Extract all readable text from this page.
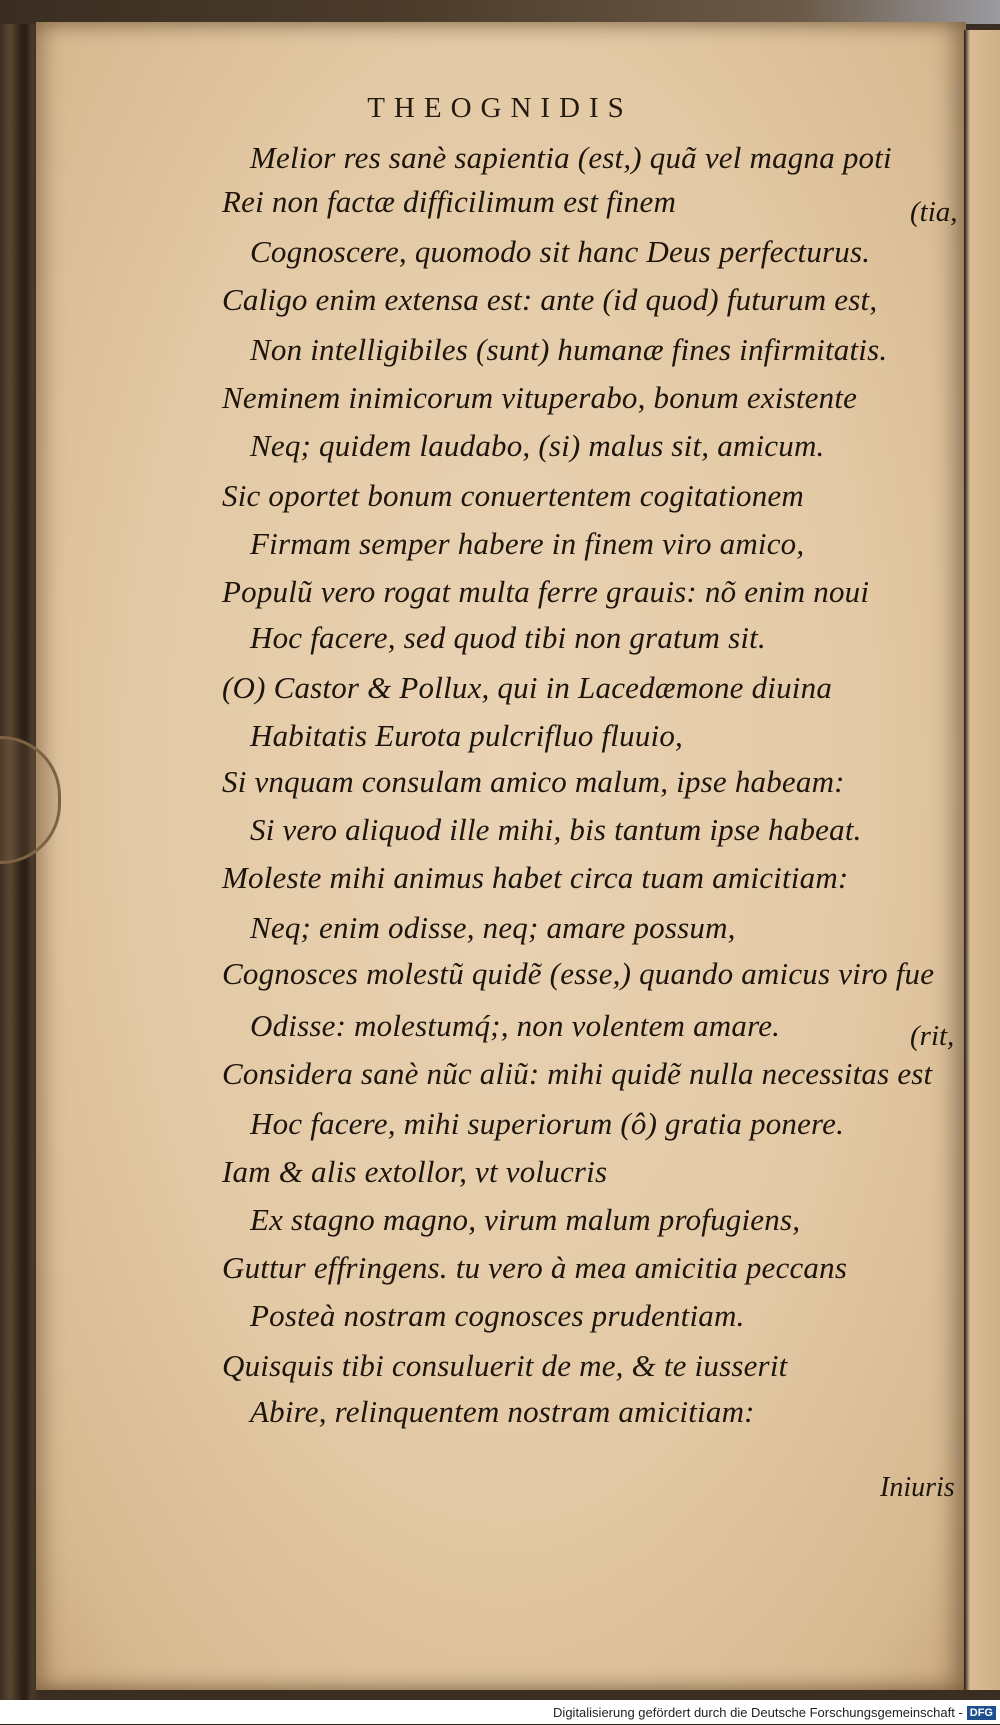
THEOGNIDIS
Melior res sanè sapientia (est,) quã vel magna poti
Rei non factæ difficilimum est finem
Cognoscere, quomodo sit hanc Deus perfecturus.
Caligo enim extensa est: ante (id quod) futurum est,
Non intelligibiles (sunt) humanæ fines infirmitatis.
Neminem inimicorum vituperabo, bonum existente
Neq; quidem laudabo, (si) malus sit, amicum.
Sic oportet bonum conuertentem cogitationem
Firmam semper habere in finem viro amico,
Populũ vero rogat multa ferre grauis: nõ enim noui
Hoc facere, sed quod tibi non gratum sit.
(O) Castor & Pollux, qui in Lacedæmone diuina
Habitatis Eurota pulcrifluo fluuio,
Si vnquam consulam amico malum, ipse habeam:
Si vero aliquod ille mihi, bis tantum ipse habeat.
Moleste mihi animus habet circa tuam amicitiam:
Neq; enim odisse, neq; amare possum,
Cognosces molestũ quidẽ (esse,) quando amicus viro fue
Odisse: molestumq́;, non volentem amare.
Considera sanè nũc aliũ: mihi quidẽ nulla necessitas est
Hoc facere, mihi superiorum (ô) gratia ponere.
Iam & alis extollor, vt volucris
Ex stagno magno, virum malum profugiens,
Guttur effringens. tu vero à mea amicitia peccans
Posteà nostram cognosces prudentiam.
Quisquis tibi consuluerit de me, & te iusserit
Abire, relinquentem nostram amicitiam:
(tia,
(rit,
Iniuris
Digitalisierung gefördert durch die Deutsche Forschungsgemeinschaft - DFG
